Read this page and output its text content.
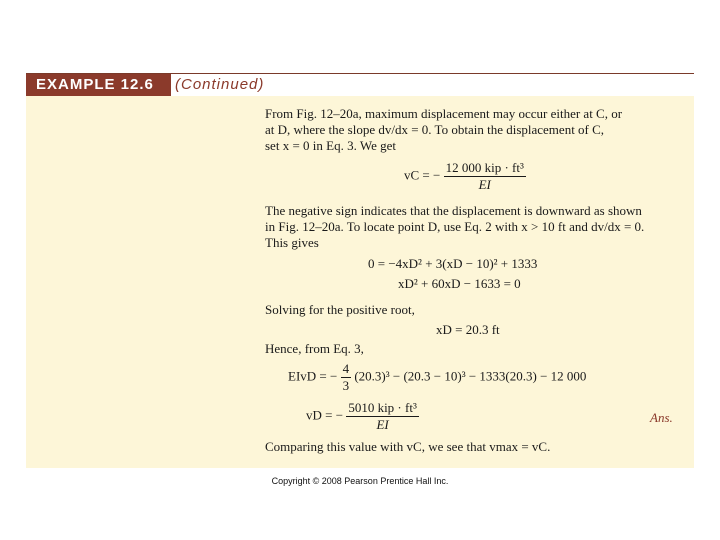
EXAMPLE 12.6	(Continued)
From Fig. 12–20a, maximum displacement may occur either at C, or
at D, where the slope dv/dx = 0. To obtain the displacement of C,
set x = 0 in Eq. 3. We get
vC = − $\frac{\text{12 000 kip · ft³}}{EI}$
The negative sign indicates that the displacement is downward as shown
in Fig. 12–20a. To locate point D, use Eq. 2 with x > 10 ft and dv/dx = 0.
This gives
0 = −4xD² + 3(xD − 10)² + 1333
xD² + 60xD − 1633 = 0
Solving for the positive root,
xD = 20.3 ft
Hence, from Eq. 3,
EIvD = − $\frac{4}{3} (20.3)^3 - (20.3 - 10)^3 - 1333(20.3) - 12$ 000
vD = − $\frac{\text{5010 kip · ft³}}{EI}$	Ans.
Comparing this value with vC, we see that vmax = vC.
Copyright © 2008 Pearson Prentice Hall Inc.
